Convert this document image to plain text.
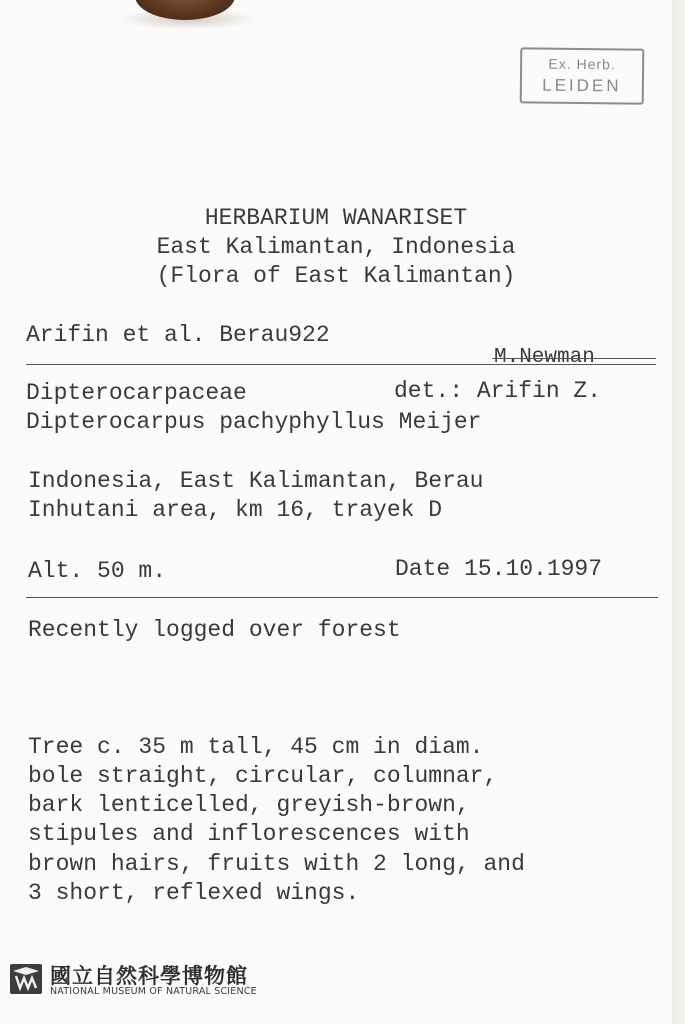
Ex. Herb.
LEIDEN
HERBARIUM WANARISET
East Kalimantan, Indonesia
(Flora of East Kalimantan)
Arifin et al. Berau922
M.Newman
Dipterocarpaceae	det.: Arifin Z.
Dipterocarpus pachyphyllus Meijer
Indonesia, East Kalimantan, Berau
Inhutani area, km 16, trayek D
Alt. 50 m.	Date 15.10.1997
Recently logged over forest
Tree c. 35 m tall, 45 cm in diam.
bole straight, circular, columnar,
bark lenticelled, greyish-brown,
stipules and inflorescences with
brown hairs, fruits with 2 long, and
3 short, reflexed wings.
國立自然科學博物館
NATIONAL MUSEUM OF NATURAL SCIENCE
